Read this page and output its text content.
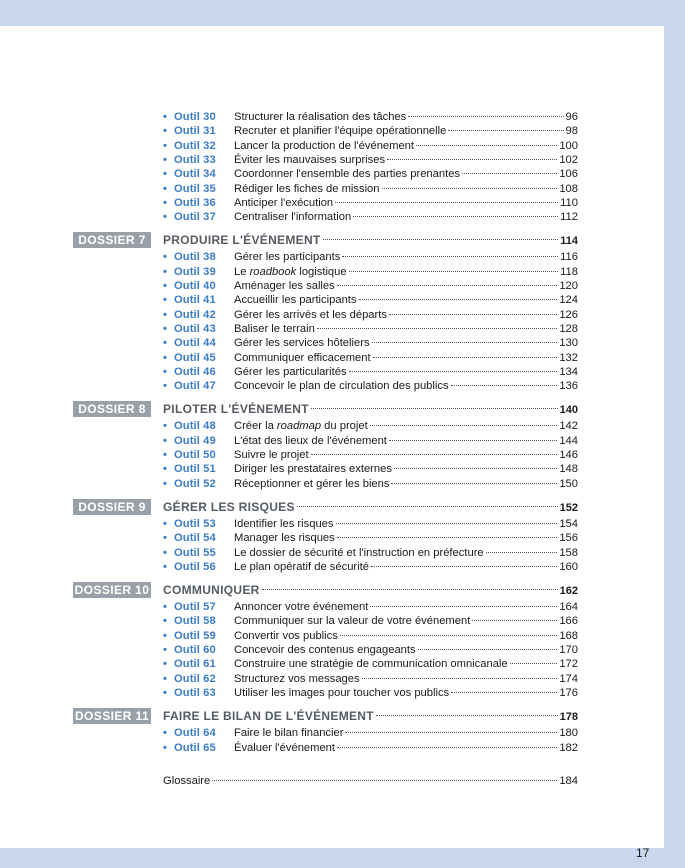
• Outil 30 Structurer la réalisation des tâches	96
• Outil 31 Recruter et planifier l'équipe opérationnelle	98
• Outil 32 Lancer la production de l'événement	100
• Outil 33 Éviter les mauvaises surprises	102
• Outil 34 Coordonner l'ensemble des parties prenantes	106
• Outil 35 Rédiger les fiches de mission	108
• Outil 36 Anticiper l'exécution	110
• Outil 37 Centraliser l'information	112
DOSSIER 7	PRODUIRE L'ÉVÉNEMENT	114
• Outil 38 Gérer les participants	116
• Outil 39 Le roadbook logistique	118
• Outil 40 Aménager les salles	120
• Outil 41 Accueillir les participants	124
• Outil 42 Gérer les arrivés et les départs	126
• Outil 43 Baliser le terrain	128
• Outil 44 Gérer les services hôteliers	130
• Outil 45 Communiquer efficacement	132
• Outil 46 Gérer les particularités	134
• Outil 47 Concevoir le plan de circulation des publics	136
DOSSIER 8	PILOTER L'ÉVÉNEMENT	140
• Outil 48 Créer la roadmap du projet	142
• Outil 49 L'état des lieux de l'événement	144
• Outil 50 Suivre le projet	146
• Outil 51 Diriger les prestataires externes	148
• Outil 52 Réceptionner et gérer les biens	150
DOSSIER 9	GÉRER LES RISQUES	152
• Outil 53 Identifier les risques	154
• Outil 54 Manager les risques	156
• Outil 55 Le dossier de sécurité et l'instruction en préfecture	158
• Outil 56 Le plan opératif de sécurité	160
DOSSIER 10 COMMUNIQUER	162
• Outil 57 Annoncer votre événement	164
• Outil 58 Communiquer sur la valeur de votre événement	166
• Outil 59 Convertir vos publics	168
• Outil 60 Concevoir des contenus engageants	170
• Outil 61 Construire une stratégie de communication omnicanale	172
• Outil 62 Structurez vos messages	174
• Outil 63 Utiliser les images pour toucher vos publics	176
DOSSIER 11 FAIRE LE BILAN DE L'ÉVÉNEMENT	178
• Outil 64 Faire le bilan financier	180
• Outil 65 Évaluer l'événement	182
Glossaire	184
17
